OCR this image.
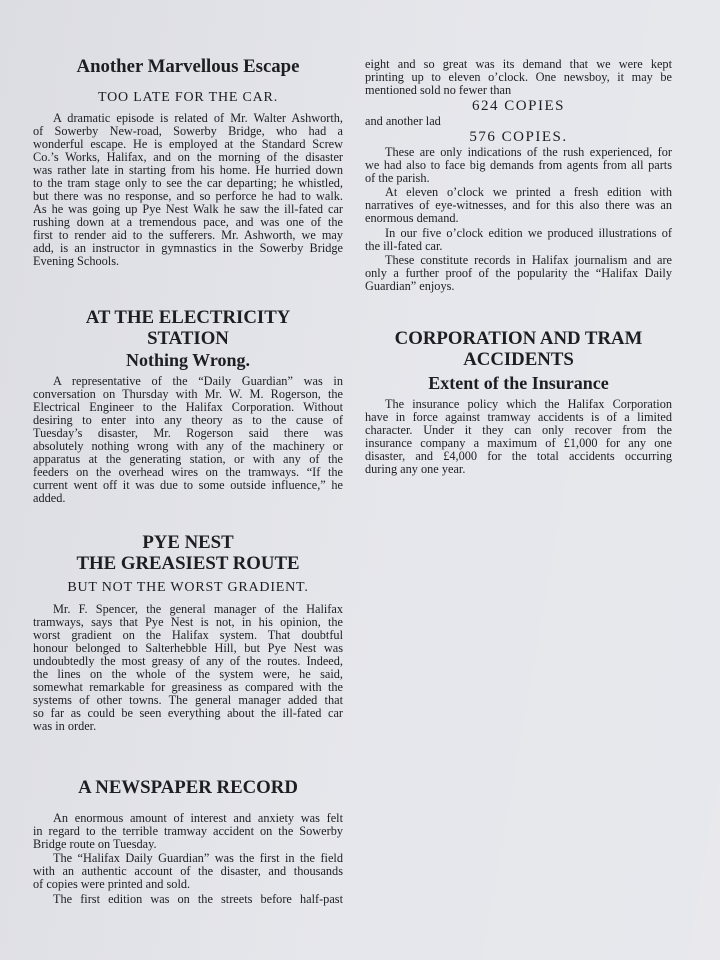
Another Marvellous Escape
TOO LATE FOR THE CAR.
A dramatic episode is related of Mr. Walter Ashworth,
of Sowerby New-road, Sowerby Bridge, who had a
wonderful escape. He is employed at the Standard Screw
Co.’s Works, Halifax, and on the morning of the disaster
was rather late in starting from his home. He hurried down
to the tram stage only to see the car departing; he whistled,
but there was no response, and so perforce he had to walk.
As he was going up Pye Nest Walk he saw the ill-fated car
rushing down at a tremendous pace, and was one of the
first to render aid to the sufferers. Mr. Ashworth, we may
add, is an instructor in gymnastics in the Sowerby Bridge
Evening Schools.
AT THE ELECTRICITY
STATION
Nothing Wrong.
A representative of the “Daily Guardian” was in
conversation on Thursday with Mr. W. M. Rogerson, the
Electrical Engineer to the Halifax Corporation. Without
desiring to enter into any theory as to the cause of
Tuesday’s disaster, Mr. Rogerson said there was
absolutely nothing wrong with any of the machinery or
apparatus at the generating station, or with any of the
feeders on the overhead wires on the tramways. “If the
current went off it was due to some outside influence,” he
added.
PYE NEST
THE GREASIEST ROUTE
BUT NOT THE WORST GRADIENT.
Mr. F. Spencer, the general manager of the Halifax
tramways, says that Pye Nest is not, in his opinion, the
worst gradient on the Halifax system. That doubtful
honour belonged to Salterhebble Hill, but Pye Nest was
undoubtedly the most greasy of any of the routes. Indeed,
the lines on the whole of the system were, he said,
somewhat remarkable for greasiness as compared with the
systems of other towns. The general manager added that
so far as could be seen everything about the ill-fated car
was in order.
A NEWSPAPER RECORD
An enormous amount of interest and anxiety was felt
in regard to the terrible tramway accident on the Sowerby
Bridge route on Tuesday.
The “Halifax Daily Guardian” was the first in the field
with an authentic account of the disaster, and thousands
of copies were printed and sold.
The first edition was on the streets before half-past
eight and so great was its demand that we were kept
printing up to eleven o’clock. One newsboy, it may be
mentioned sold no fewer than
624 COPIES
and another lad
576 COPIES.
These are only indications of the rush experienced, for
we had also to face big demands from agents from all parts
of the parish.
At eleven o’clock we printed a fresh edition with
narratives of eye-witnesses, and for this also there was an
enormous demand.
In our five o’clock edition we produced illustrations of
the ill-fated car.
These constitute records in Halifax journalism and are
only a further proof of the popularity the “Halifax Daily
Guardian” enjoys.
CORPORATION AND TRAM
ACCIDENTS
Extent of the Insurance
The insurance policy which the Halifax Corporation
have in force against tramway accidents is of a limited
character. Under it they can only recover from the
insurance company a maximum of £1,000 for any one
disaster, and £4,000 for the total accidents occurring
during any one year.
